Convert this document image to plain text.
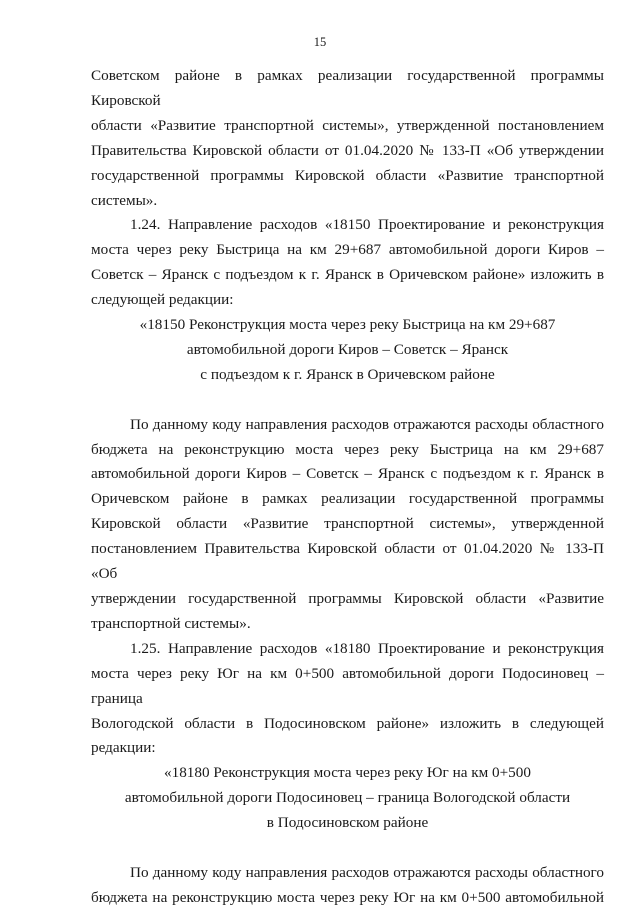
15

Советском районе в рамках реализации государственной программы Кировской

области «Развитие транспортной системы», утвержденной постановлением

Правительства Кировской области от 01.04.2020 № 133-П «Об утверждении

государственной программы Кировской области «Развитие транспортной

системы».

1.24. Направление расходов «18150 Проектирование и реконструкция

моста через реку Быстрица на км 29+687 автомобильной дороги Киров –

Советск – Яранск с подъездом к г. Яранск в Оричевском районе» изложить в

следующей редакции:

«18150 Реконструкция моста через реку Быстрица на км 29+687

автомобильной дороги Киров – Советск – Яранск

с подъездом к г. Яранск в Оричевском районе

По данному коду направления расходов отражаются расходы областного

бюджета на реконструкцию моста через реку Быстрица на км 29+687

автомобильной дороги Киров – Советск – Яранск с подъездом к г. Яранск в

Оричевском районе в рамках реализации государственной программы

Кировской области «Развитие транспортной системы», утвержденной

постановлением Правительства Кировской области от 01.04.2020 № 133-П «Об

утверждении государственной программы Кировской области «Развитие

транспортной системы».

1.25. Направление расходов «18180 Проектирование и реконструкция

моста через реку Юг на км 0+500 автомобильной дороги Подосиновец – граница

Вологодской области в Подосиновском районе» изложить в следующей

редакции:

«18180 Реконструкция моста через реку Юг на км 0+500

автомобильной дороги Подосиновец – граница Вологодской области

в Подосиновском районе

По данному коду направления расходов отражаются расходы областного

бюджета на реконструкцию моста через реку Юг на км 0+500 автомобильной
